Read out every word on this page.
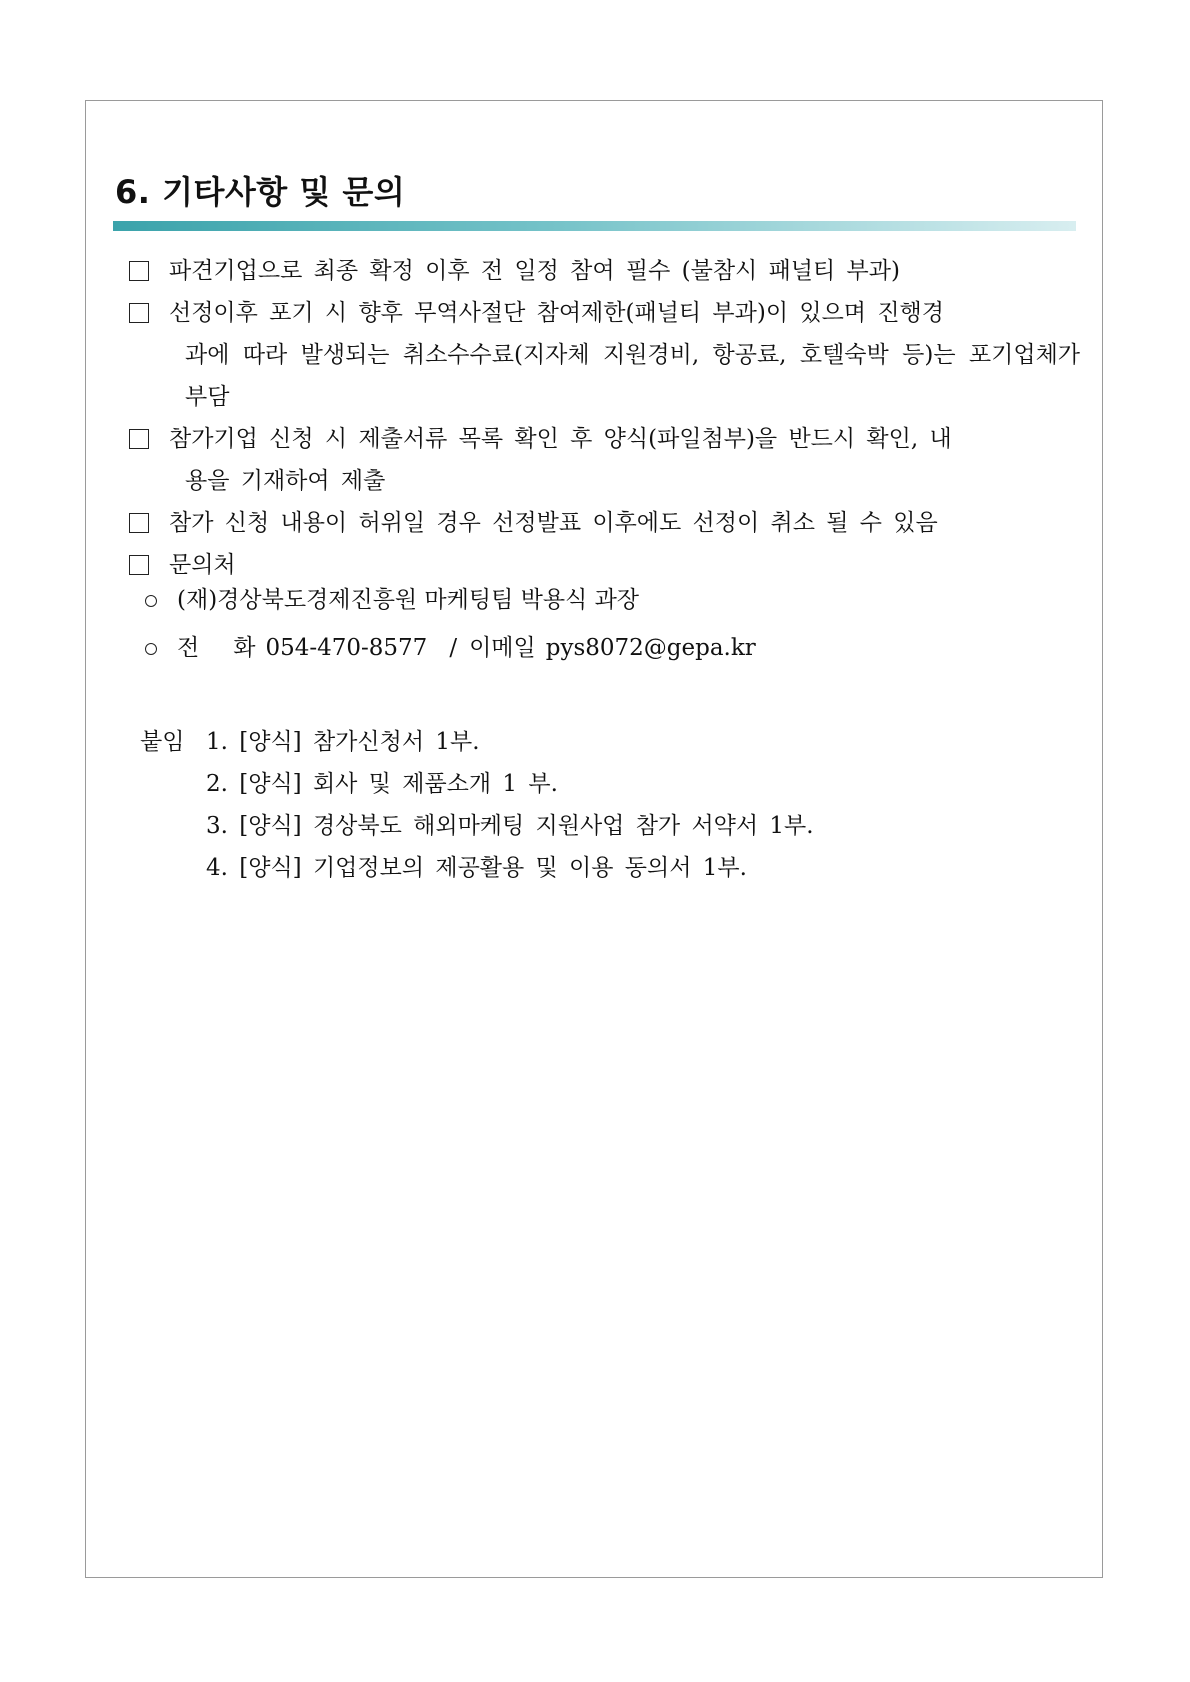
6. 기타사항 및 문의
파견기업으로 최종 확정 이후 전 일정 참여 필수 (불참시 패널티 부과)
선정이후 포기 시 향후 무역사절단 참여제한(패널티 부과)이 있으며 진행경
과에 따라 발생되는 취소수수료(지자체 지원경비, 항공료, 호텔숙박 등)는 포기업체가 부담
참가기업 신청 시 제출서류 목록 확인 후 양식(파일첨부)을 반드시 확인, 내
용을 기재하여 제출
참가 신청 내용이 허위일 경우 선정발표 이후에도 선정이 취소 될 수 있음
문의처
(재)경상북도경제진흥원 마케팅팀 박용식 과장
전 화 054-470-8577 / 이메일 pys8072@gepa.kr
붙임 1. [양식] 참가신청서 1부.
2. [양식] 회사 및 제품소개 1 부.
3. [양식] 경상북도 해외마케팅 지원사업 참가 서약서 1부.
4. [양식] 기업정보의 제공활용 및 이용 동의서 1부.
